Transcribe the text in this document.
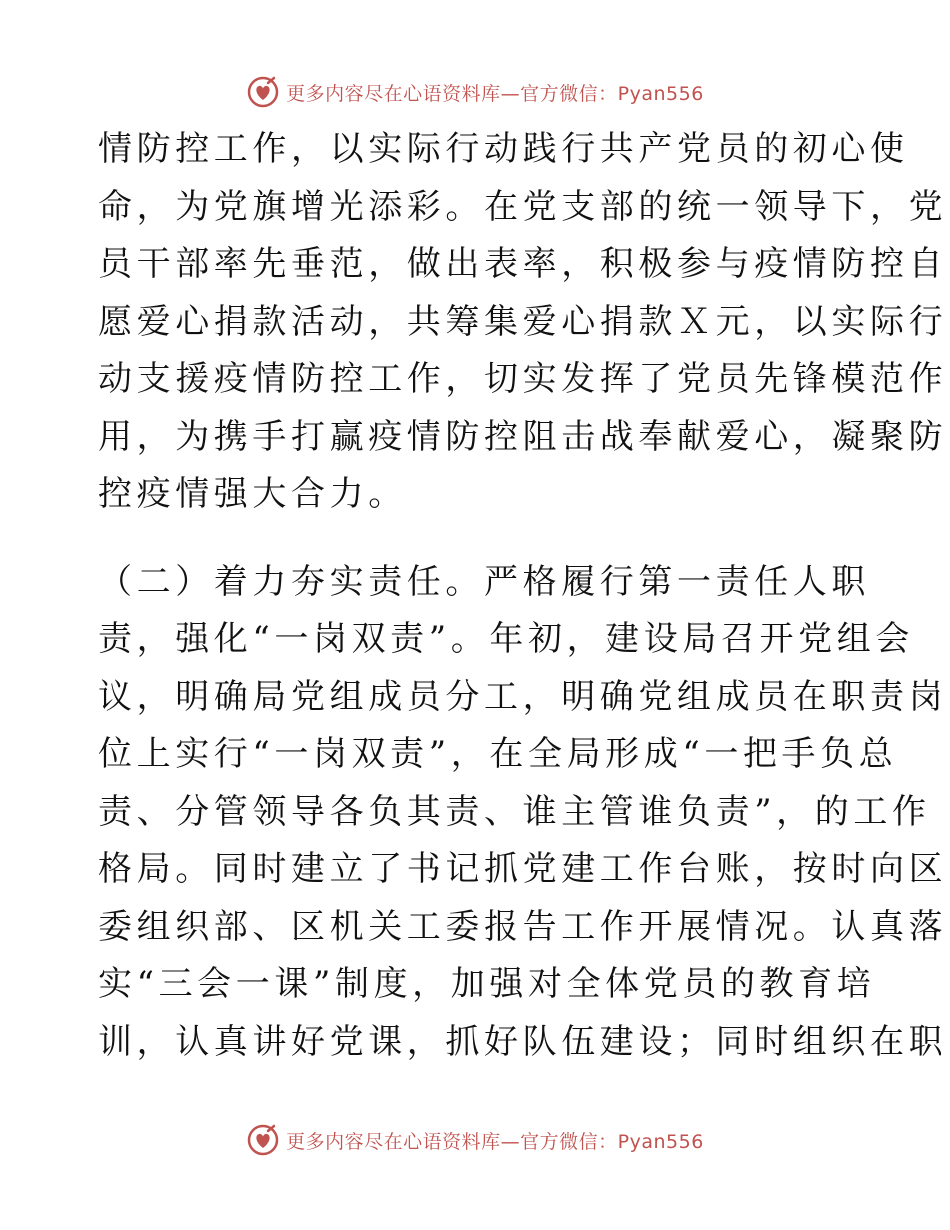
更多内容尽在心语资料库—官方微信：Pyan556
情防控工作，以实际行动践行共产党员的初心使
命，为党旗增光添彩。在党支部的统一领导下，党
员干部率先垂范，做出表率，积极参与疫情防控自
愿爱心捐款活动，共筹集爱心捐款Ｘ元，以实际行
动支援疫情防控工作，切实发挥了党员先锋模范作
用，为携手打赢疫情防控阻击战奉献爱心，凝聚防
控疫情强大合力。
（二）着力夯实责任。严格履行第一责任人职
责，强化“一岗双责”。年初，建设局召开党组会
议，明确局党组成员分工，明确党组成员在职责岗
位上实行“一岗双责”，在全局形成“一把手负总
责、分管领导各负其责、谁主管谁负责”，的工作
格局。同时建立了书记抓党建工作台账，按时向区
委组织部、区机关工委报告工作开展情况。认真落
实“三会一课”制度，加强对全体党员的教育培
训，认真讲好党课，抓好队伍建设；同时组织在职
更多内容尽在心语资料库—官方微信：Pyan556
